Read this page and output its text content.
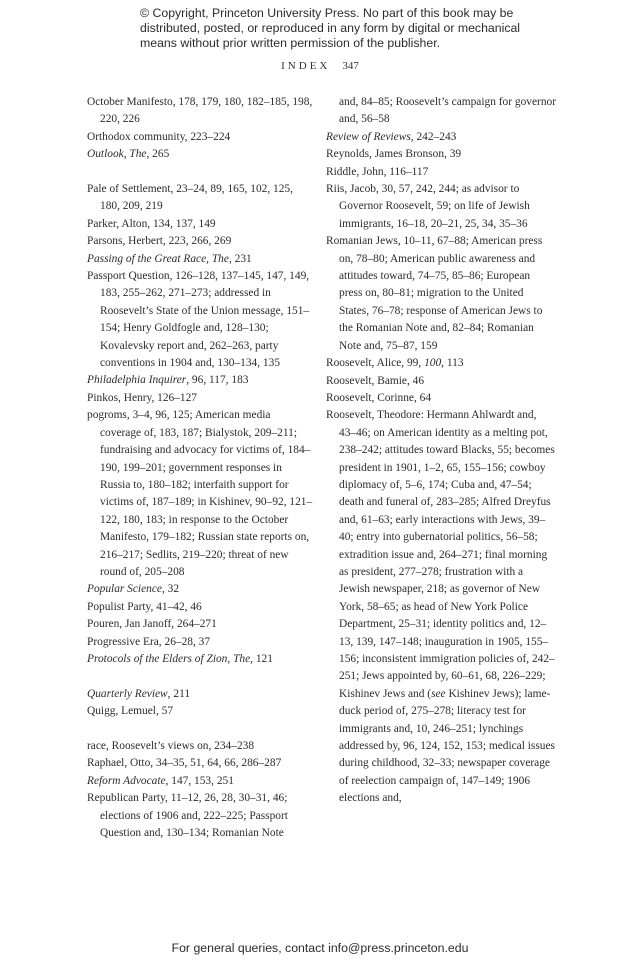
© Copyright, Princeton University Press. No part of this book may be distributed, posted, or reproduced in any form by digital or mechanical means without prior written permission of the publisher.
INDEX 347

October Manifesto, 178, 179, 180, 182–185, 198, 220, 226

Orthodox community, 223–224

Outlook, The, 265

Pale of Settlement, 23–24, 89, 165, 102, 125, 180, 209, 219

Parker, Alton, 134, 137, 149

Parsons, Herbert, 223, 266, 269

Passing of the Great Race, The, 231

Passport Question, 126–128, 137–145, 147, 149, 183, 255–262, 271–273; addressed in Roosevelt’s State of the Union message, 151–154; Henry Goldfogle and, 128–130; Kovalevsky report and, 262–263, party conventions in 1904 and, 130–134, 135

Philadelphia Inquirer, 96, 117, 183

Pinkos, Henry, 126–127

pogroms, 3–4, 96, 125; American media coverage of, 183, 187; Bialystok, 209–211; fundraising and advocacy for victims of, 184–190, 199–201; government responses in Russia to, 180–182; interfaith support for victims of, 187–189; in Kishinev, 90–92, 121–122, 180, 183; in response to the October Manifesto, 179–182; Russian state reports on, 216–217; Sedlits, 219–220; threat of new round of, 205–208

Popular Science, 32

Populist Party, 41–42, 46

Pouren, Jan Janoff, 264–271

Progressive Era, 26–28, 37

Protocols of the Elders of Zion, The, 121

Quarterly Review, 211

Quigg, Lemuel, 57

race, Roosevelt’s views on, 234–238

Raphael, Otto, 34–35, 51, 64, 66, 286–287

Reform Advocate, 147, 153, 251

Republican Party, 11–12, 26, 28, 30–31, 46; elections of 1906 and, 222–225; Passport Question and, 130–134; Romanian Note

and, 84–85; Roosevelt’s campaign for governor and, 56–58

Review of Reviews, 242–243

Reynolds, James Bronson, 39

Riddle, John, 116–117

Riis, Jacob, 30, 57, 242, 244; as advisor to Governor Roosevelt, 59; on life of Jewish immigrants, 16–18, 20–21, 25, 34, 35–36

Romanian Jews, 10–11, 67–88; American press on, 78–80; American public awareness and attitudes toward, 74–75, 85–86; European press on, 80–81; migration to the United States, 76–78; response of American Jews to the Romanian Note and, 82–84; Romanian Note and, 75–87, 159

Roosevelt, Alice, 99, 100, 113

Roosevelt, Bamie, 46

Roosevelt, Corinne, 64

Roosevelt, Theodore: Hermann Ahlwardt and, 43–46; on American identity as a melting pot, 238–242; attitudes toward Blacks, 55; becomes president in 1901, 1–2, 65, 155–156; cowboy diplomacy of, 5–6, 174; Cuba and, 47–54; death and funeral of, 283–285; Alfred Dreyfus and, 61–63; early interactions with Jews, 39–40; entry into gubernatorial politics, 56–58; extradition issue and, 264–271; final morning as president, 277–278; frustration with a Jewish newspaper, 218; as governor of New York, 58–65; as head of New York Police Department, 25–31; identity politics and, 12–13, 139, 147–148; inauguration in 1905, 155–156; inconsistent immigration policies of, 242–251; Jews appointed by, 60–61, 68, 226–229; Kishinev Jews and (see Kishinev Jews); lame-duck period of, 275–278; literacy test for immigrants and, 10, 246–251; lynchings addressed by, 96, 124, 152, 153; medical issues during childhood, 32–33; newspaper coverage of reelection campaign of, 147–149; 1906 elections and,

For general queries, contact info@press.princeton.edu
